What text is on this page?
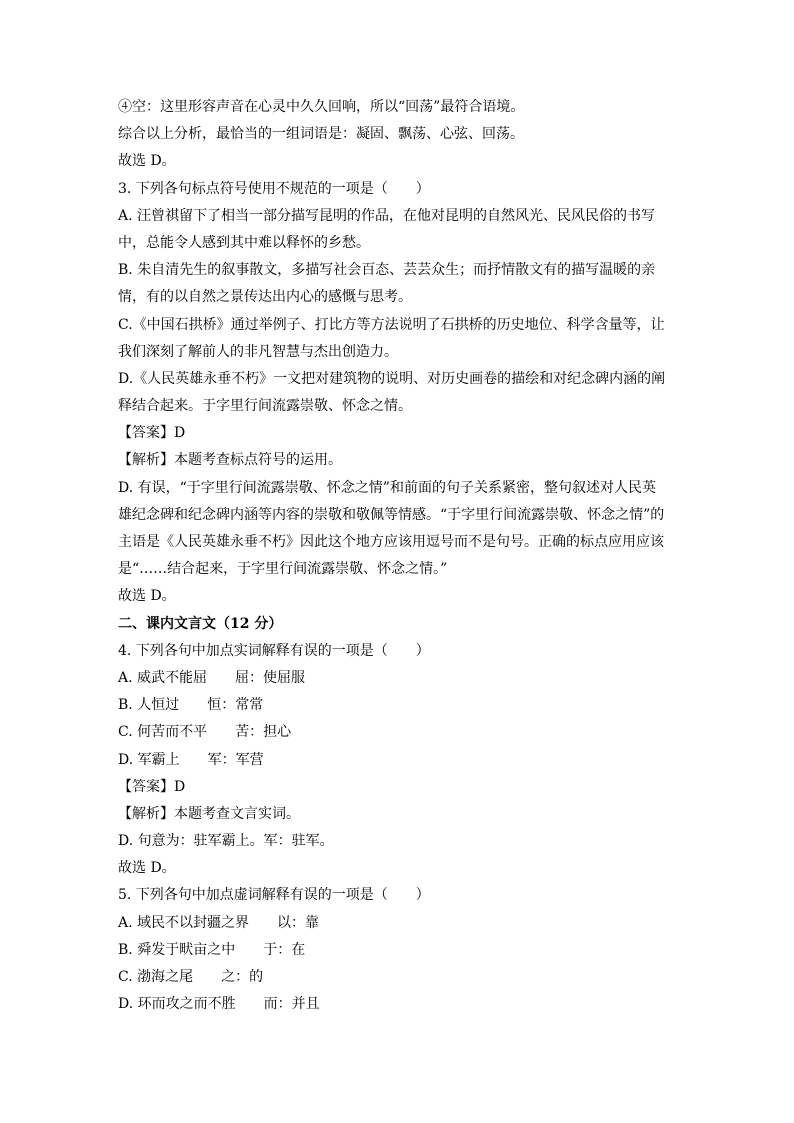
④空：这里形容声音在心灵中久久回响，所以“回荡”最符合语境。
综合以上分析，最恰当的一组词语是：凝固、飘荡、心弦、回荡。
故选 D。
3. 下列各句标点符号使用不规范的一项是（　　）
A. 汪曾祺留下了相当一部分描写昆明的作品，在他对昆明的自然风光、民风民俗的书写
中，总能令人感到其中难以释怀的乡愁。
B. 朱自清先生的叙事散文，多描写社会百态、芸芸众生；而抒情散文有的描写温暖的亲
情，有的以自然之景传达出内心的感慨与思考。
C.《中国石拱桥》通过举例子、打比方等方法说明了石拱桥的历史地位、科学含量等，让
我们深刻了解前人的非凡智慧与杰出创造力。
D.《人民英雄永垂不朽》一文把对建筑物的说明、对历史画卷的描绘和对纪念碑内涵的阐
释结合起来。于字里行间流露崇敬、怀念之情。
【答案】D
【解析】本题考查标点符号的运用。
D. 有误，“于字里行间流露崇敬、怀念之情”和前面的句子关系紧密，整句叙述对人民英
雄纪念碑和纪念碑内涵等内容的崇敬和敬佩等情感。“于字里行间流露崇敬、怀念之情”的
主语是《人民英雄永垂不朽》因此这个地方应该用逗号而不是句号。正确的标点应用应该
是“……结合起来，于字里行间流露崇敬、怀念之情。”
故选 D。
二、课内文言文（12 分）
4. 下列各句中加点实词解释有误的一项是（　　）
A. 威武不能屈　　屈：使屈服
B. 人恒过　　恒：常常
C. 何苦而不平　　苦：担心
D. 军霸上　　军：军营
【答案】D
【解析】本题考查文言实词。
D. 句意为：驻军霸上。军：驻军。
故选 D。
5. 下列各句中加点虚词解释有误的一项是（　　）
A. 域民不以封疆之界　　以：靠
B. 舜发于畎亩之中　　于：在
C. 渤海之尾　　之：的
D. 环而攻之而不胜　　而：并且
